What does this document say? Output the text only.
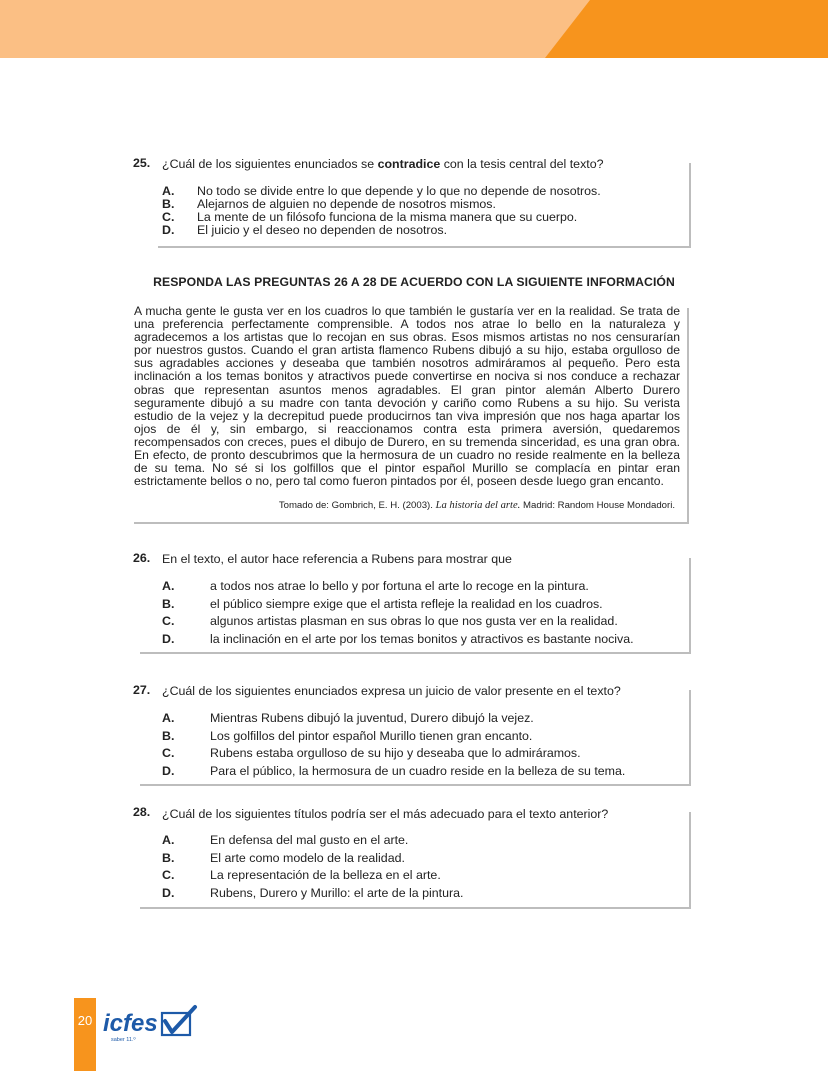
25. ¿Cuál de los siguientes enunciados se contradice con la tesis central del texto?
A. No todo se divide entre lo que depende y lo que no depende de nosotros.
B. Alejarnos de alguien no depende de nosotros mismos.
C. La mente de un filósofo funciona de la misma manera que su cuerpo.
D. El juicio y el deseo no dependen de nosotros.
RESPONDA LAS PREGUNTAS 26 A 28 DE ACUERDO CON LA SIGUIENTE INFORMACIÓN

A mucha gente le gusta ver en los cuadros lo que también le gustaría ver en la realidad. Se trata de una preferencia perfectamente comprensible. A todos nos atrae lo bello en la naturaleza y agradecemos a los artistas que lo recojan en sus obras. Esos mismos artistas no nos censurarían por nuestros gustos. Cuando el gran artista flamenco Rubens dibujó a su hijo, estaba orgulloso de sus agradables acciones y deseaba que también nosotros admiráramos al pequeño. Pero esta inclinación a los temas bonitos y atractivos puede convertirse en nociva si nos conduce a rechazar obras que representan asuntos menos agradables. El gran pintor alemán Alberto Durero seguramente dibujó a su madre con tanta devoción y cariño como Rubens a su hijo. Su verista estudio de la vejez y la decrepitud puede producirnos tan viva impresión que nos haga apartar los ojos de él y, sin embargo, si reaccionamos contra esta primera aversión, quedaremos recompensados con creces, pues el dibujo de Durero, en su tremenda sinceridad, es una gran obra. En efecto, de pronto descubrimos que la hermosura de un cuadro no reside realmente en la belleza de su tema. No sé si los golfillos que el pintor español Murillo se complacía en pintar eran estrictamente bellos o no, pero tal como fueron pintados por él, poseen desde luego gran encanto.

Tomado de: Gombrich, E. H. (2003). La historia del arte. Madrid: Random House Mondadori.
26. En el texto, el autor hace referencia a Rubens para mostrar que
A.	a todos nos atrae lo bello y por fortuna el arte lo recoge en la pintura.
B.	el público siempre exige que el artista refleje la realidad en los cuadros.
C.	algunos artistas plasman en sus obras lo que nos gusta ver en la realidad.
D.	la inclinación en el arte por los temas bonitos y atractivos es bastante nociva.
27. ¿Cuál de los siguientes enunciados expresa un juicio de valor presente en el texto?
A.	Mientras Rubens dibujó la juventud, Durero dibujó la vejez.
B.	Los golfillos del pintor español Murillo tienen gran encanto.
C.	Rubens estaba orgulloso de su hijo y deseaba que lo admiráramos.
D.	Para el público, la hermosura de un cuadro reside en la belleza de su tema.
28. ¿Cuál de los siguientes títulos podría ser el más adecuado para el texto anterior?
A.	En defensa del mal gusto en el arte.
B.	El arte como modelo de la realidad.
C.	La representación de la belleza en el arte.
D.	Rubens, Durero y Murillo: el arte de la pintura.
20 icfes
saber 11.º
